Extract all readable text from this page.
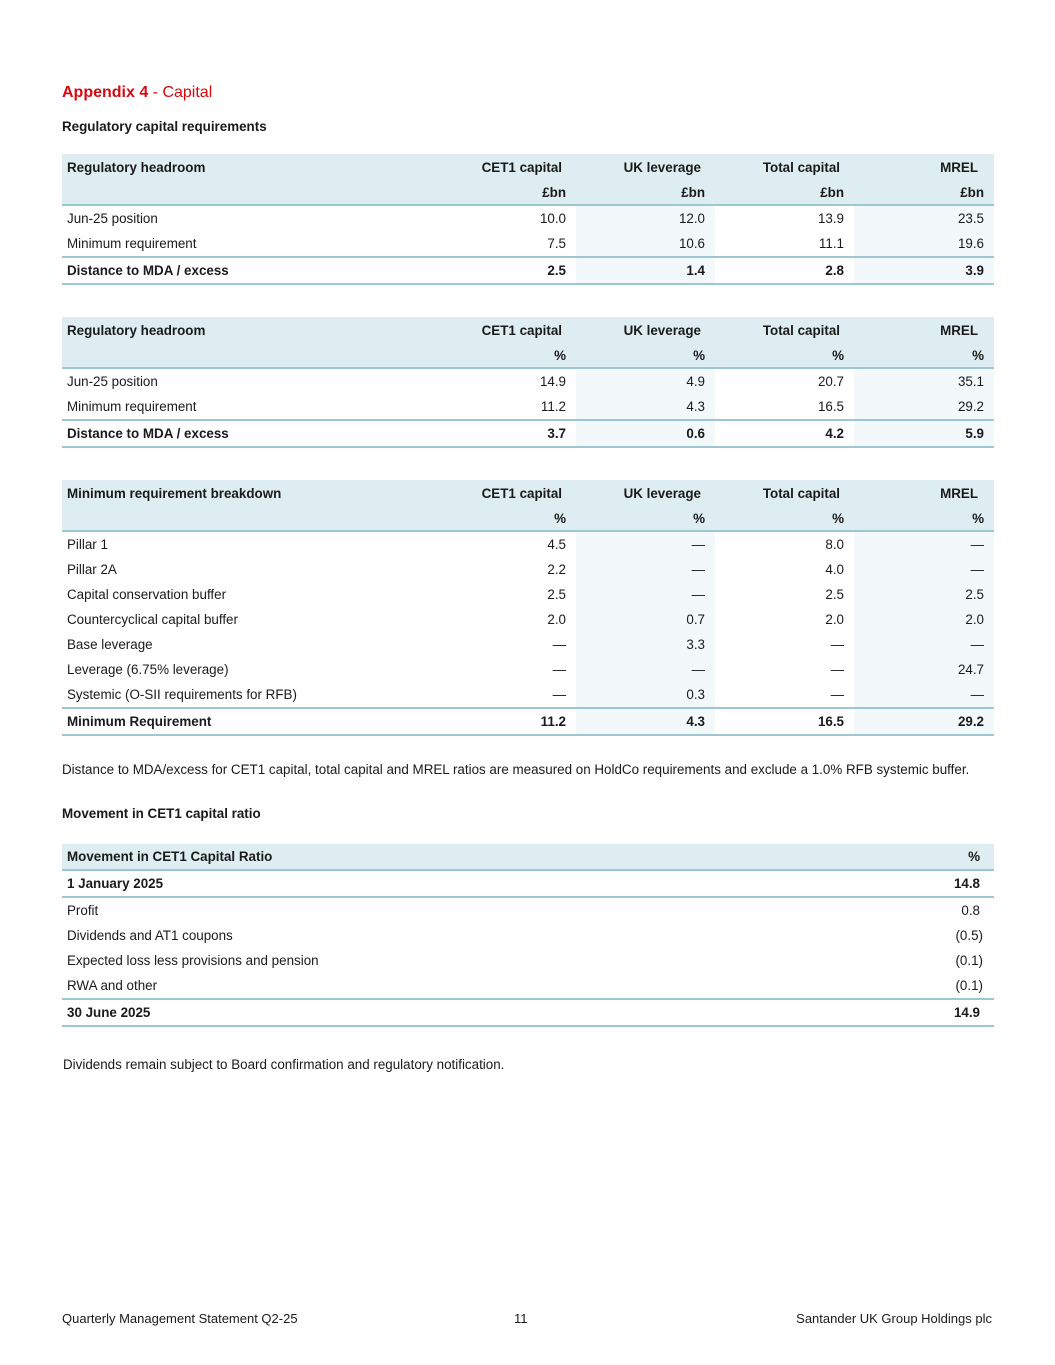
Appendix 4 - Capital

Regulatory capital requirements

Regulatory headroom	CET1 capital	UK leverage	Total capital	MREL
	£bn	£bn	£bn	£bn
Jun-25 position	10.0	12.0	13.9	23.5
Minimum requirement	7.5	10.6	11.1	19.6
Distance to MDA / excess	2.5	1.4	2.8	3.9
Regulatory headroom	CET1 capital	UK leverage	Total capital	MREL
	%	%	%	%
Jun-25 position	14.9	4.9	20.7	35.1
Minimum requirement	11.2	4.3	16.5	29.2
Distance to MDA / excess	3.7	0.6	4.2	5.9
Minimum requirement breakdown	CET1 capital	UK leverage	Total capital	MREL
	%	%	%	%
Pillar 1	4.5	—	8.0	—
Pillar 2A	2.2	—	4.0	—
Capital conservation buffer	2.5	—	2.5	2.5
Countercyclical capital buffer	2.0	0.7	2.0	2.0
Base leverage	—	3.3	—	—
Leverage (6.75% leverage)	—	—	—	24.7
Systemic (O-SII requirements for RFB)	—	0.3	—	—
Minimum Requirement	11.2	4.3	16.5	29.2

Distance to MDA/excess for CET1 capital, total capital and MREL ratios are measured on HoldCo requirements and exclude a 1.0% RFB systemic buffer.

Movement in CET1 capital ratio

Movement in CET1 Capital Ratio	%
1 January 2025	14.8
Profit	0.8
Dividends and AT1 coupons	(0.5)
Expected loss less provisions and pension	(0.1)
RWA and other	(0.1)
30 June 2025	14.9

Dividends remain subject to Board confirmation and regulatory notification.

Quarterly Management Statement Q2-25	11	Santander UK Group Holdings plc
